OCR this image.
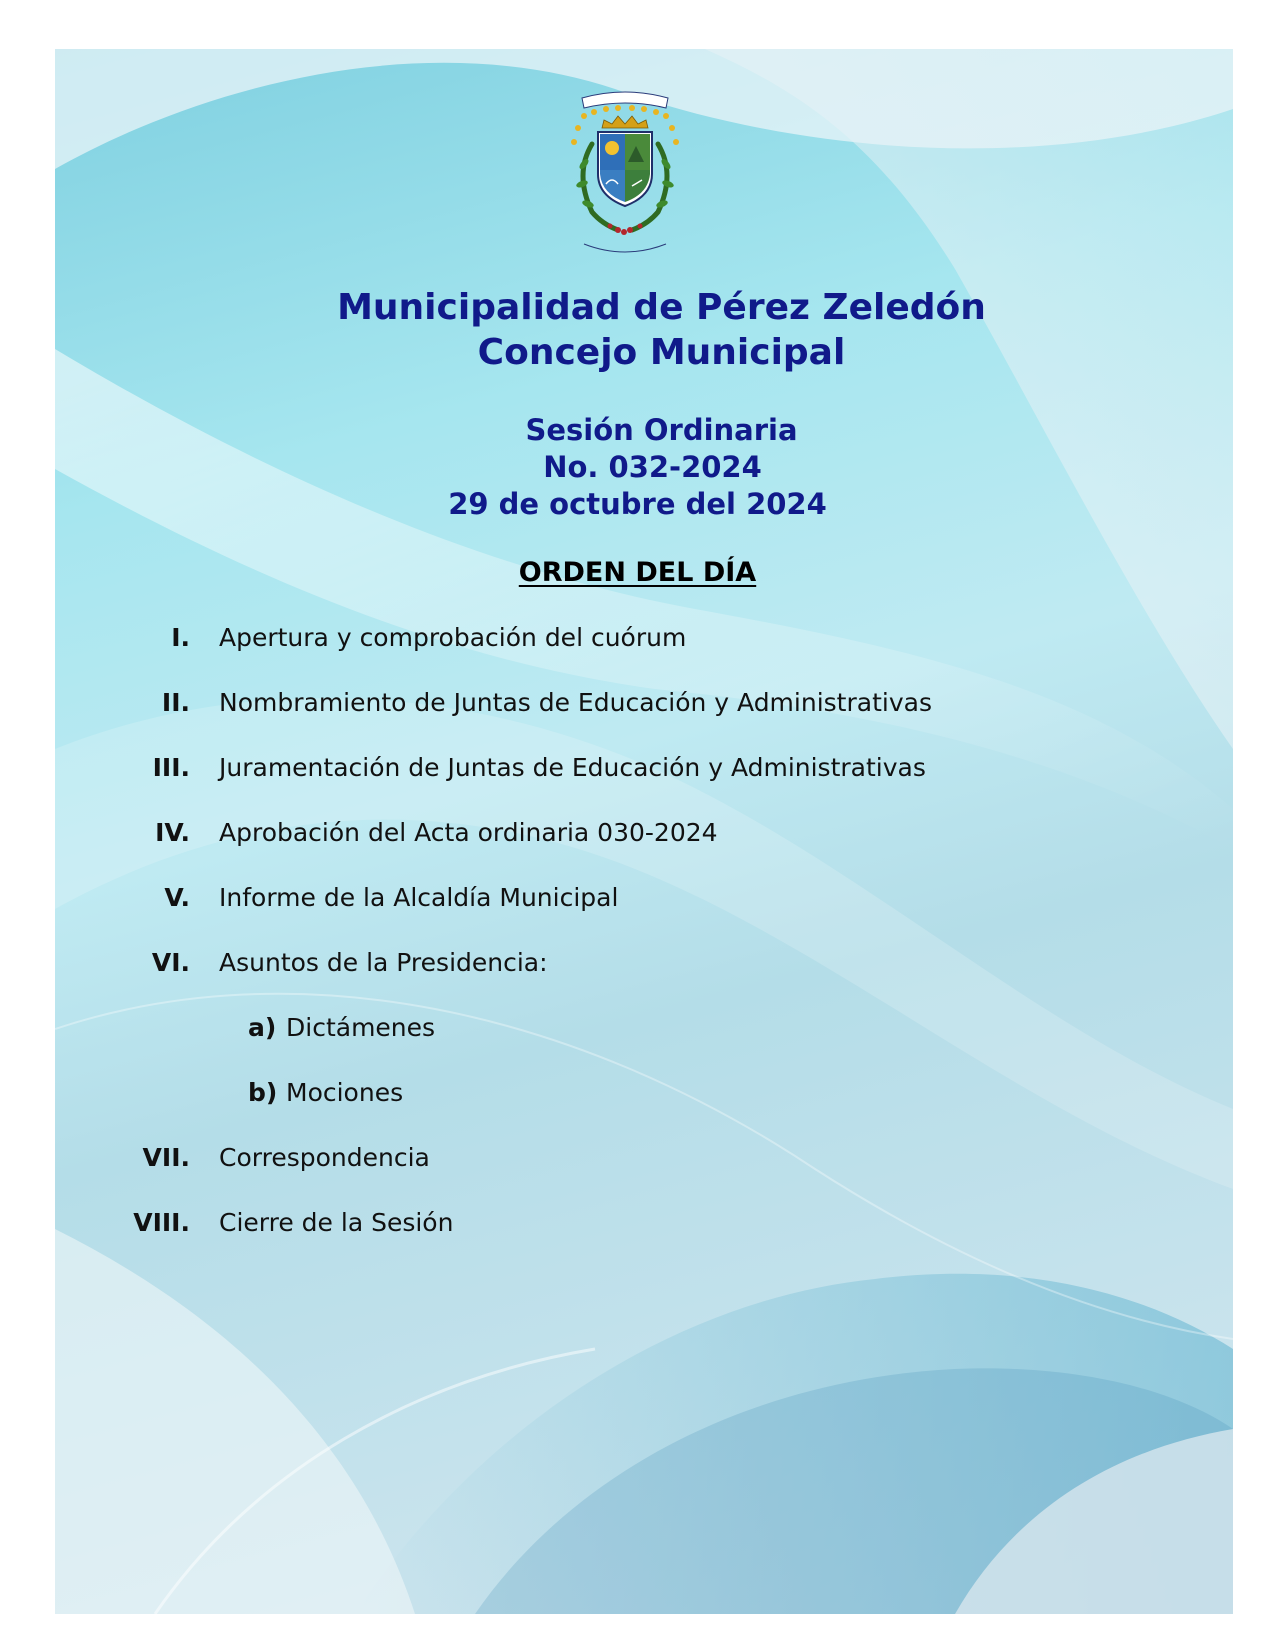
Municipalidad de Pérez Zeledón
Concejo Municipal
Sesión Ordinaria
No. 032-2024
29 de octubre del 2024
ORDEN DEL DÍA
I. Apertura y comprobación del cuórum
II. Nombramiento de Juntas de Educación y Administrativas
III. Juramentación de Juntas de Educación y Administrativas
IV. Aprobación del Acta ordinaria 030-2024
V. Informe de la Alcaldía Municipal
VI. Asuntos de la Presidencia:
a) Dictámenes
b) Mociones
VII. Correspondencia
VIII. Cierre de la Sesión
